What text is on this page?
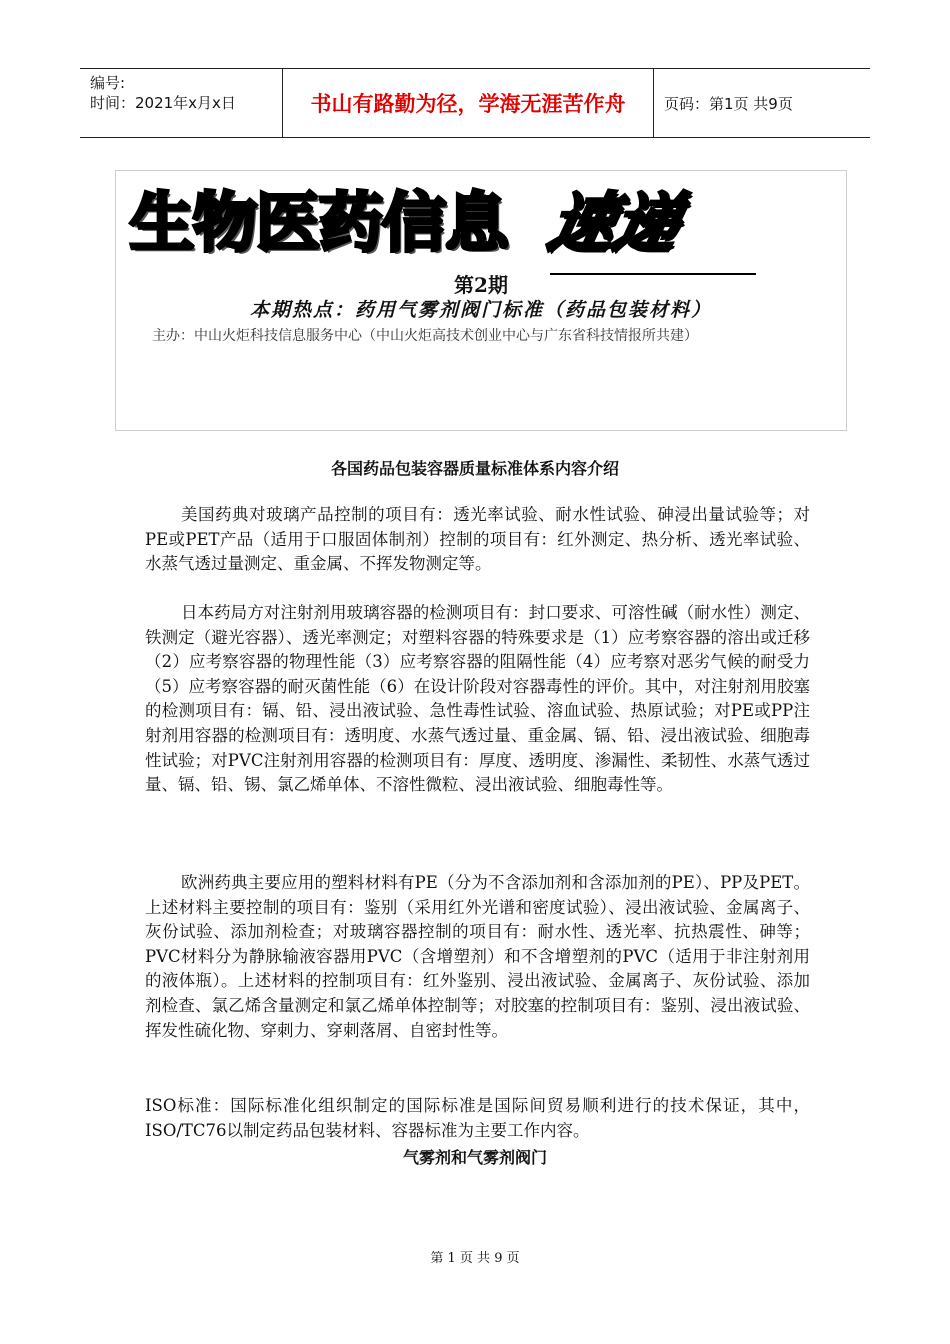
编号:
时间：2021年x月x日	书山有路勤为径，学海无涯苦作舟	页码：第1页 共9页
生物医药信息 速递
第2期
本期热点：药用气雾剂阀门标准（药品包装材料）
主办：中山火炬科技信息服务中心（中山火炬高技术创业中心与广东省科技情报所共建）
各国药品包装容器质量标准体系内容介绍

美国药典对玻璃产品控制的项目有：透光率试验、耐水性试验、砷浸出量试验等；对PE或PET产品（适用于口服固体制剂）控制的项目有：红外测定、热分析、透光率试验、水蒸气透过量测定、重金属、不挥发物测定等。

日本药局方对注射剂用玻璃容器的检测项目有：封口要求、可溶性碱（耐水性）测定、铁测定（避光容器）、透光率测定；对塑料容器的特殊要求是（1）应考察容器的溶出或迁移（2）应考察容器的物理性能（3）应考察容器的阻隔性能（4）应考察对恶劣气候的耐受力（5）应考察容器的耐灭菌性能（6）在设计阶段对容器毒性的评价。其中，对注射剂用胶塞的检测项目有：镉、铅、浸出液试验、急性毒性试验、溶血试验、热原试验；对PE或PP注射剂用容器的检测项目有：透明度、水蒸气透过量、重金属、镉、铅、浸出液试验、细胞毒性试验；对PVC注射剂用容器的检测项目有：厚度、透明度、渗漏性、柔韧性、水蒸气透过量、镉、铅、锡、氯乙烯单体、不溶性微粒、浸出液试验、细胞毒性等。

欧洲药典主要应用的塑料材料有PE（分为不含添加剂和含添加剂的PE）、PP及PET。上述材料主要控制的项目有：鉴别（采用红外光谱和密度试验）、浸出液试验、金属离子、灰份试验、添加剂检查；对玻璃容器控制的项目有：耐水性、透光率、抗热震性、砷等；PVC材料分为静脉输液容器用PVC（含增塑剂）和不含增塑剂的PVC（适用于非注射剂用的液体瓶）。上述材料的控制项目有：红外鉴别、浸出液试验、金属离子、灰份试验、添加剂检查、氯乙烯含量测定和氯乙烯单体控制等；对胶塞的控制项目有：鉴别、浸出液试验、挥发性硫化物、穿刺力、穿刺落屑、自密封性等。

ISO标准：国际标准化组织制定的国际标准是国际间贸易顺利进行的技术保证，其中，ISO/TC76以制定药品包装材料、容器标准为主要工作内容。

气雾剂和气雾剂阀门
第 1 页 共 9 页
